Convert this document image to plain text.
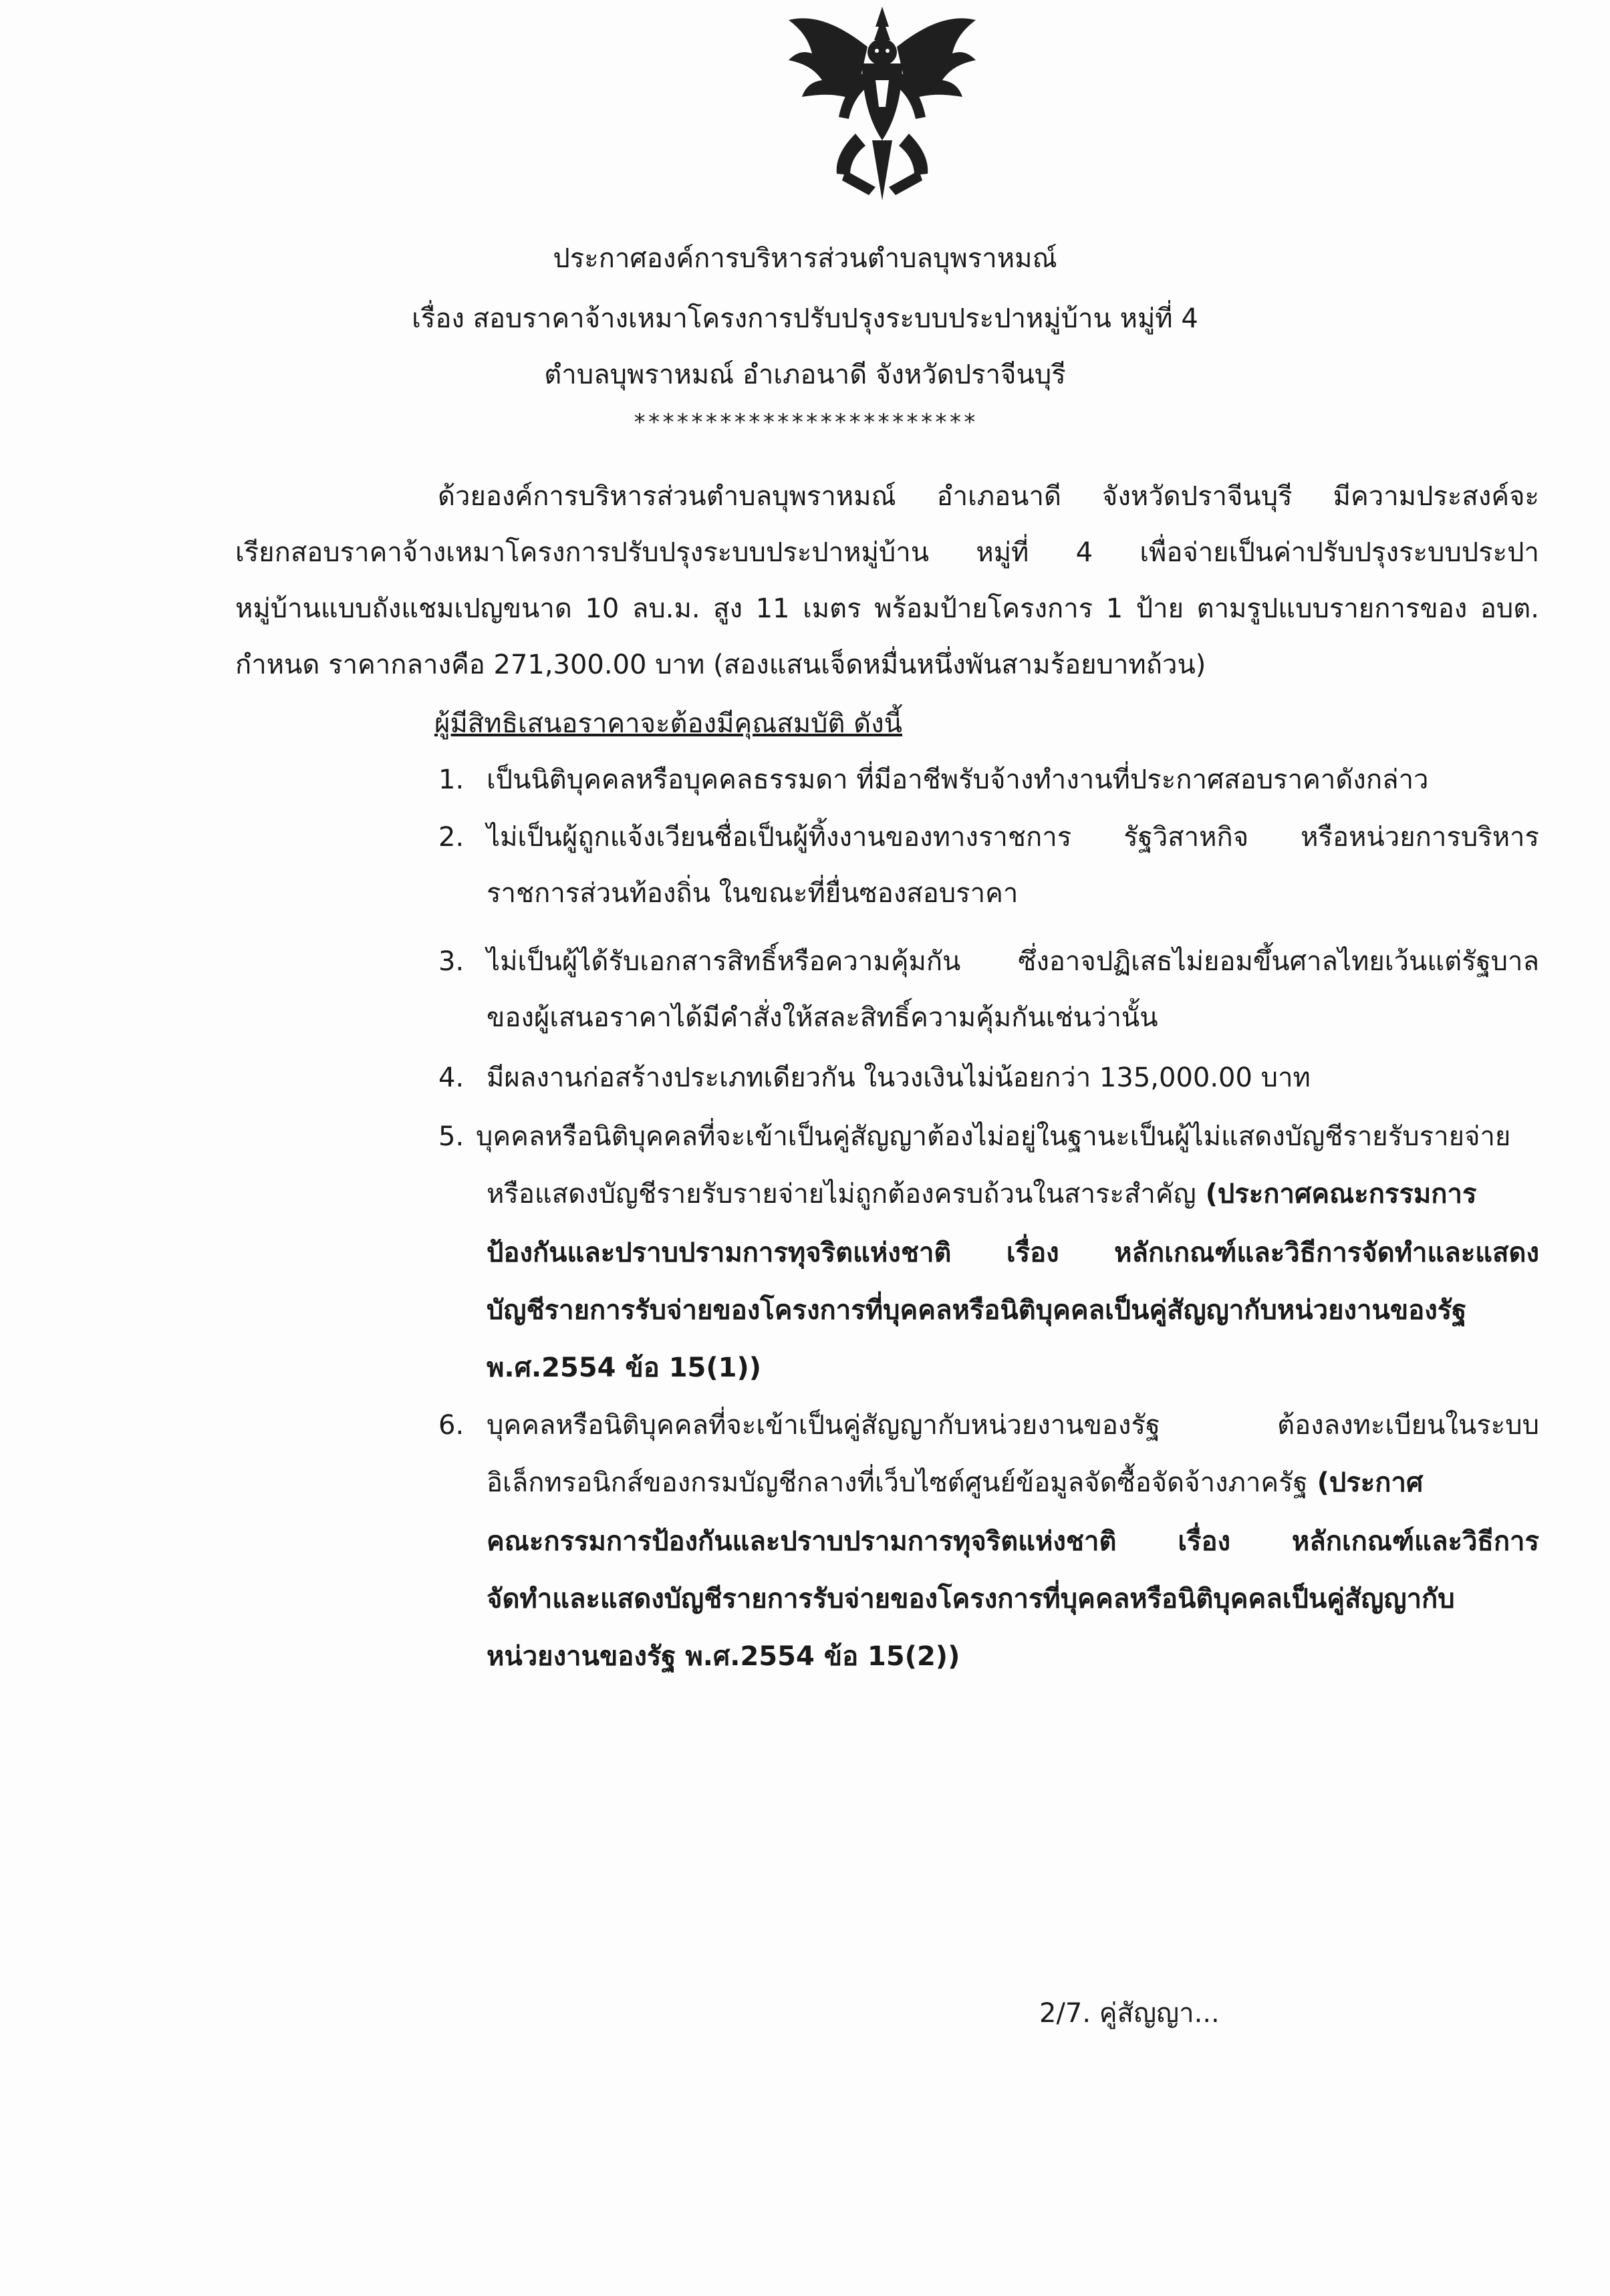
ประกาศองค์การบริหารส่วนตำบลบุพราหมณ์
เรื่อง สอบราคาจ้างเหมาโครงการปรับปรุงระบบประปาหมู่บ้าน หมู่ที่ 4
ตำบลบุพราหมณ์ อำเภอนาดี จังหวัดปราจีนบุรี
************************
ด้วยองค์การบริหารส่วนตำบลบุพราหมณ์ อำเภอนาดี จังหวัดปราจีนบุรี มีความประสงค์จะ
เรียกสอบราคาจ้างเหมาโครงการปรับปรุงระบบประปาหมู่บ้าน หมู่ที่ 4 เพื่อจ่ายเป็นค่าปรับปรุงระบบประปา
หมู่บ้านแบบถังแชมเปญขนาด 10 ลบ.ม. สูง 11 เมตร พร้อมป้ายโครงการ 1 ป้าย ตามรูปแบบรายการของ อบต.
กำหนด ราคากลางคือ 271,300.00 บาท (สองแสนเจ็ดหมื่นหนึ่งพันสามร้อยบาทถ้วน)
ผู้มีสิทธิเสนอราคาจะต้องมีคุณสมบัติ ดังนี้
1. เป็นนิติบุคคลหรือบุคคลธรรมดา ที่มีอาชีพรับจ้างทำงานที่ประกาศสอบราคาดังกล่าว
2. ไม่เป็นผู้ถูกแจ้งเวียนชื่อเป็นผู้ทิ้งงานของทางราชการ รัฐวิสาหกิจ หรือหน่วยการบริหาร
ราชการส่วนท้องถิ่น ในขณะที่ยื่นซองสอบราคา
3. ไม่เป็นผู้ได้รับเอกสารสิทธิ์หรือความคุ้มกัน ซึ่งอาจปฏิเสธไม่ยอมขึ้นศาลไทยเว้นแต่รัฐบาล
ของผู้เสนอราคาได้มีคำสั่งให้สละสิทธิ์ความคุ้มกันเช่นว่านั้น
4. มีผลงานก่อสร้างประเภทเดียวกัน ในวงเงินไม่น้อยกว่า 135,000.00 บาท
5. บุคคลหรือนิติบุคคลที่จะเข้าเป็นคู่สัญญาต้องไม่อยู่ในฐานะเป็นผู้ไม่แสดงบัญชีรายรับรายจ่าย
หรือแสดงบัญชีรายรับรายจ่ายไม่ถูกต้องครบถ้วนในสาระสำคัญ (ประกาศคณะกรรมการ
ป้องกันและปราบปรามการทุจริตแห่งชาติ เรื่อง หลักเกณฑ์และวิธีการจัดทำและแสดง
บัญชีรายการรับจ่ายของโครงการที่บุคคลหรือนิติบุคคลเป็นคู่สัญญากับหน่วยงานของรัฐ
พ.ศ.2554 ข้อ 15(1))
6. บุคคลหรือนิติบุคคลที่จะเข้าเป็นคู่สัญญากับหน่วยงานของรัฐ ต้องลงทะเบียนในระบบ
อิเล็กทรอนิกส์ของกรมบัญชีกลางที่เว็บไซต์ศูนย์ข้อมูลจัดซื้อจัดจ้างภาครัฐ (ประกาศ
คณะกรรมการป้องกันและปราบปรามการทุจริตแห่งชาติ เรื่อง หลักเกณฑ์และวิธีการ
จัดทำและแสดงบัญชีรายการรับจ่ายของโครงการที่บุคคลหรือนิติบุคคลเป็นคู่สัญญากับ
หน่วยงานของรัฐ พ.ศ.2554 ข้อ 15(2))
2/7. คู่สัญญา...
